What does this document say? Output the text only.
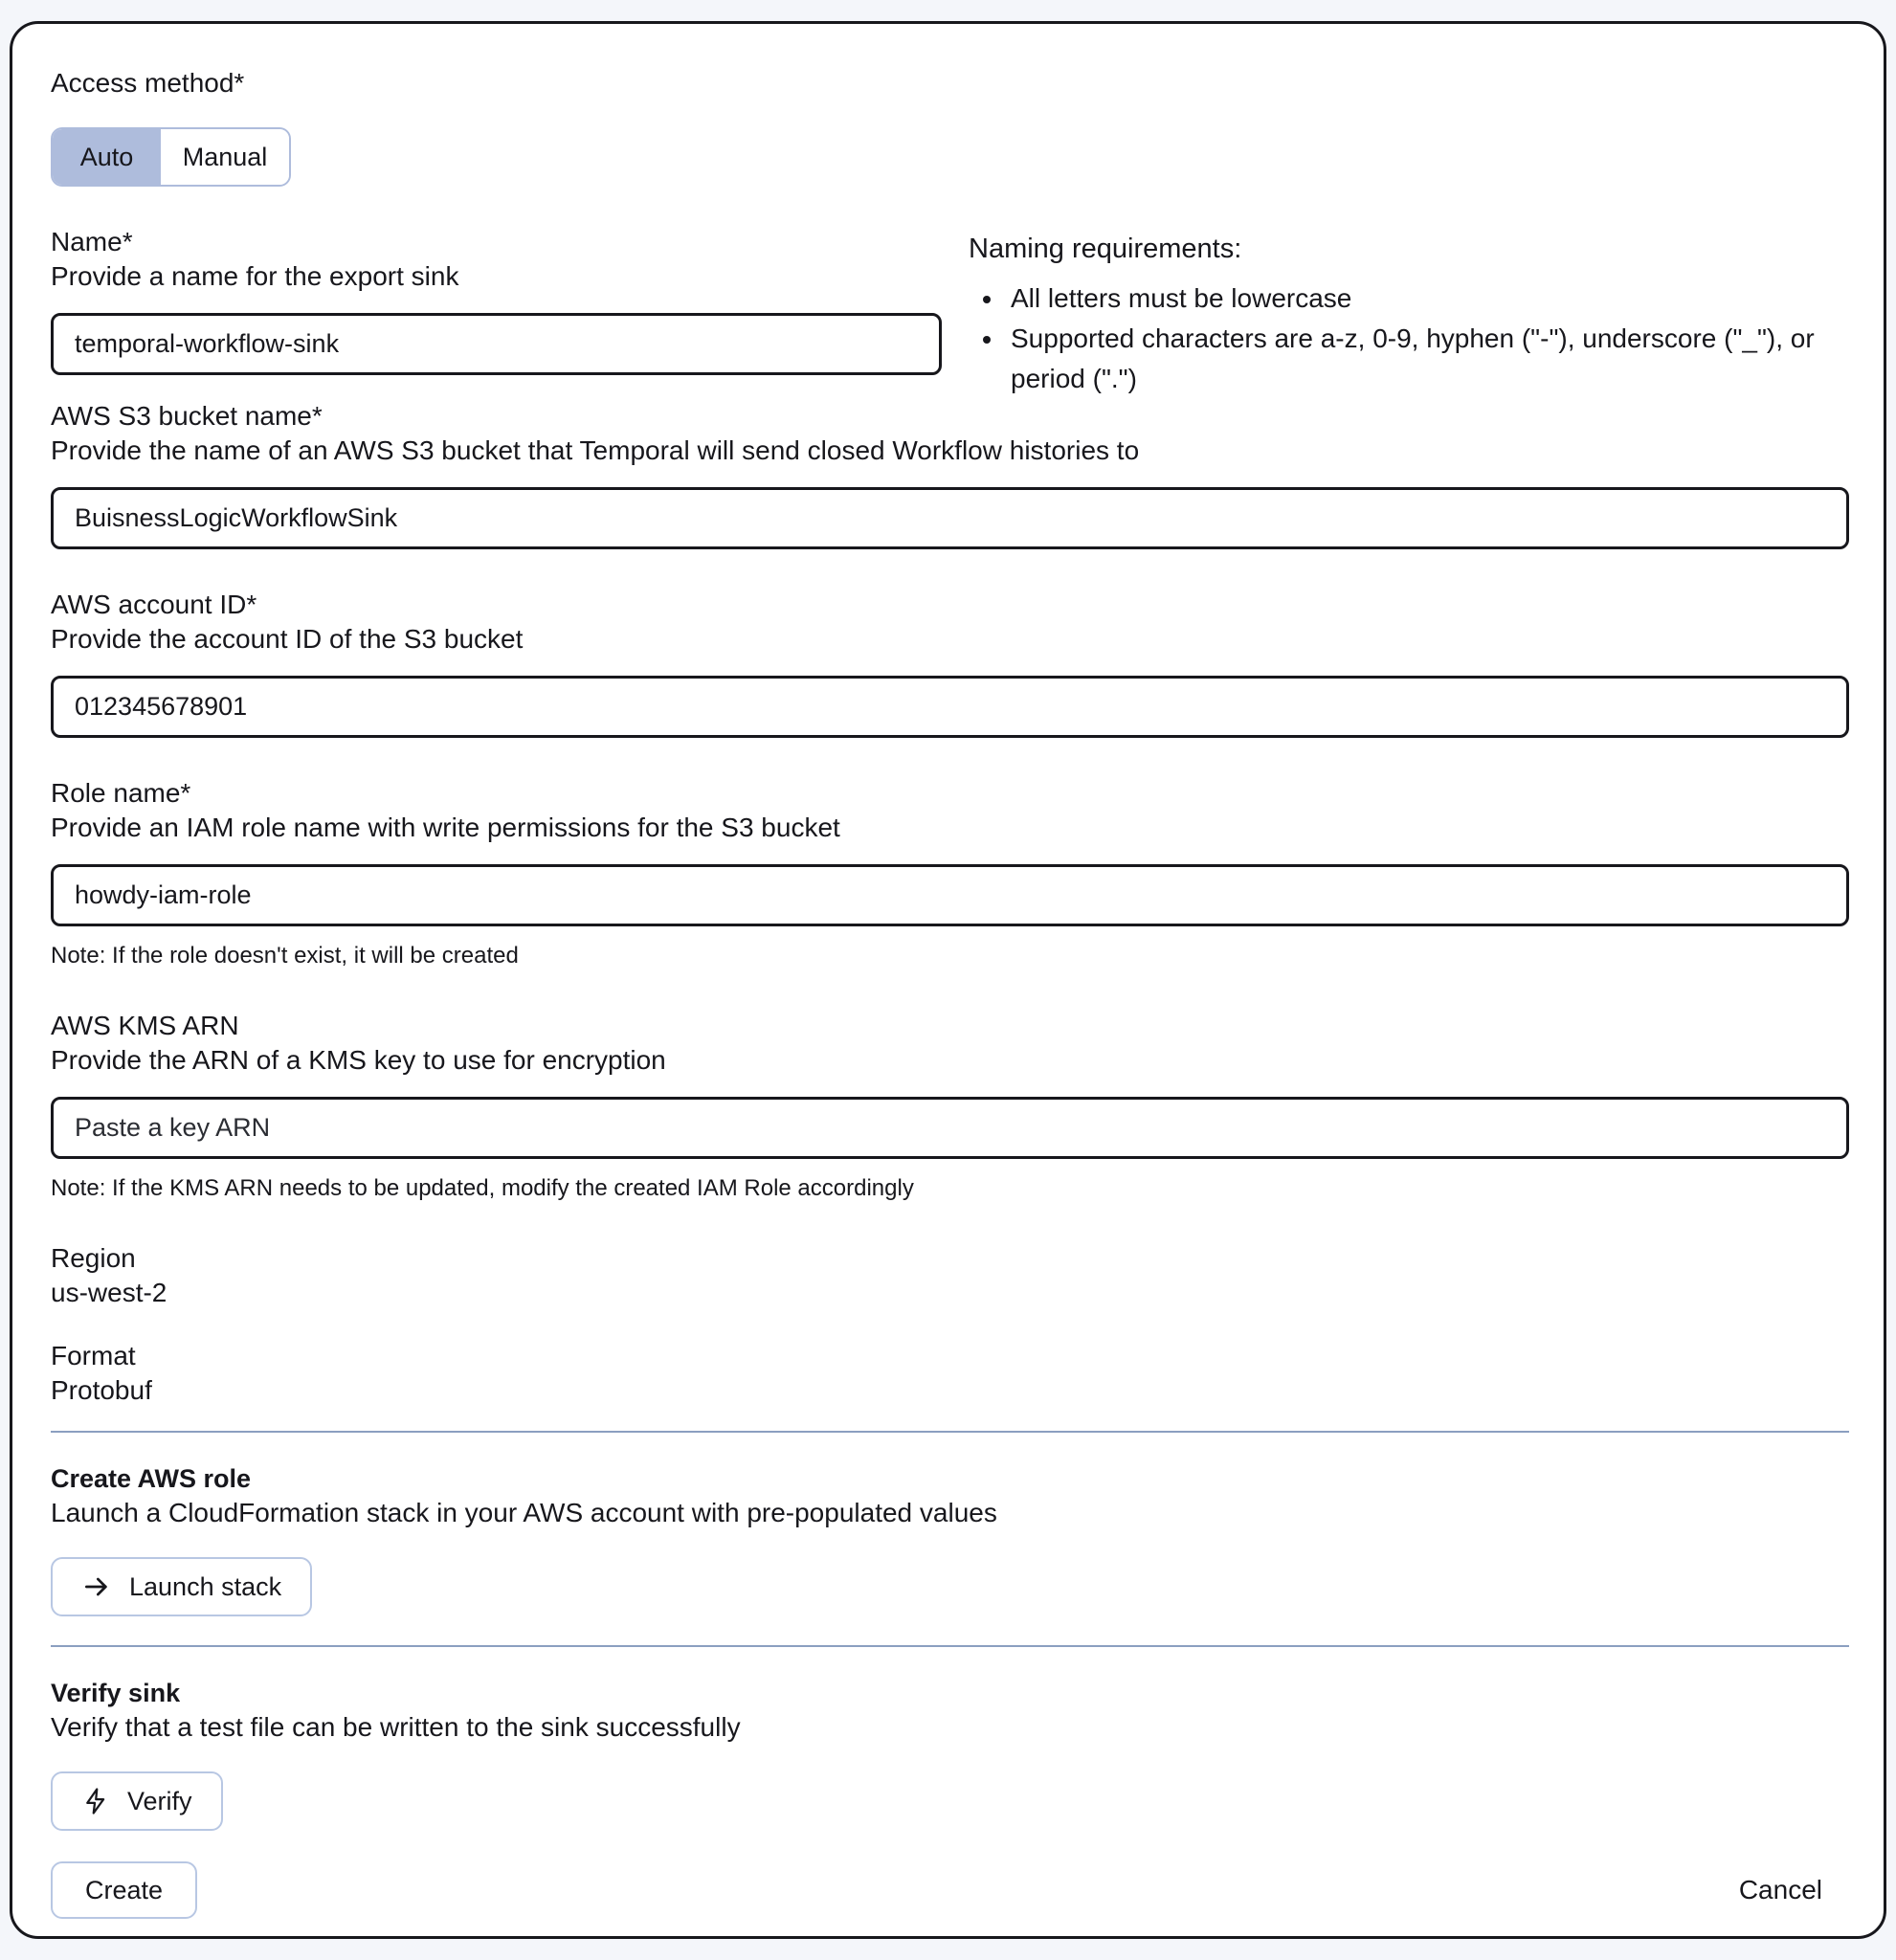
Access method*
Auto	Manual
Name*
Provide a name for the export sink
temporal-workflow-sink
Naming requirements:
• All letters must be lowercase
• Supported characters are a-z, 0-9, hyphen ("-"), underscore ("_"), or period (".")
AWS S3 bucket name*
Provide the name of an AWS S3 bucket that Temporal will send closed Workflow histories to
BuisnessLogicWorkflowSink
AWS account ID*
Provide the account ID of the S3 bucket
012345678901
Role name*
Provide an IAM role name with write permissions for the S3 bucket
howdy-iam-role
Note: If the role doesn't exist, it will be created
AWS KMS ARN
Provide the ARN of a KMS key to use for encryption
Paste a key ARN
Note: If the KMS ARN needs to be updated, modify the created IAM Role accordingly
Region
us-west-2
Format
Protobuf
Create AWS role
Launch a CloudFormation stack in your AWS account with pre-populated values
Launch stack
Verify sink
Verify that a test file can be written to the sink successfully
Verify
Create	Cancel
